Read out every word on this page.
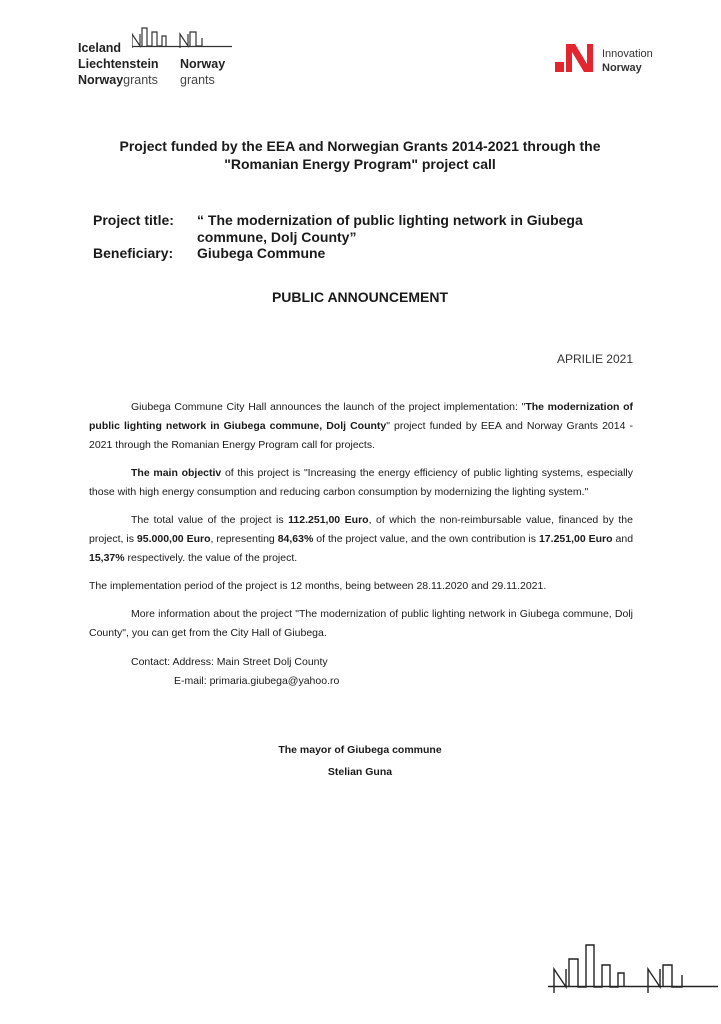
Iceland
Liechtenstein	Norway
Norwaygrants	grants
Innovation
Norway
Project funded by the EEA and Norwegian Grants 2014-2021 through the
"Romanian Energy Program" project call
Project title:	“ The modernization of public lighting network in Giubega commune, Dolj County”
Beneficiary:	Giubega Commune
PUBLIC ANNOUNCEMENT
APRILIE 2021

Giubega Commune City Hall announces the launch of the project implementation: "The modernization of public lighting network in Giubega commune, Dolj County" project funded by EEA and Norway Grants 2014 - 2021 through the Romanian Energy Program call for projects.

The main objectiv of this project is "Increasing the energy efficiency of public lighting systems, especially those with high energy consumption and reducing carbon consumption by modernizing the lighting system."

The total value of the project is 112.251,00 Euro, of which the non-reimbursable value, financed by the project, is 95.000,00 Euro, representing 84,63% of the project value, and the own contribution is 17.251,00 Euro and 15,37% respectively. the value of the project.

The implementation period of the project is 12 months, being between 28.11.2020 and 29.11.2021.

More information about the project "The modernization of public lighting network in Giubega commune, Dolj County", you can get from the City Hall of Giubega.

Contact: Address: Main Street Dolj County
E-mail: primaria.giubega@yahoo.ro
The mayor of Giubega commune
Stelian Guna
